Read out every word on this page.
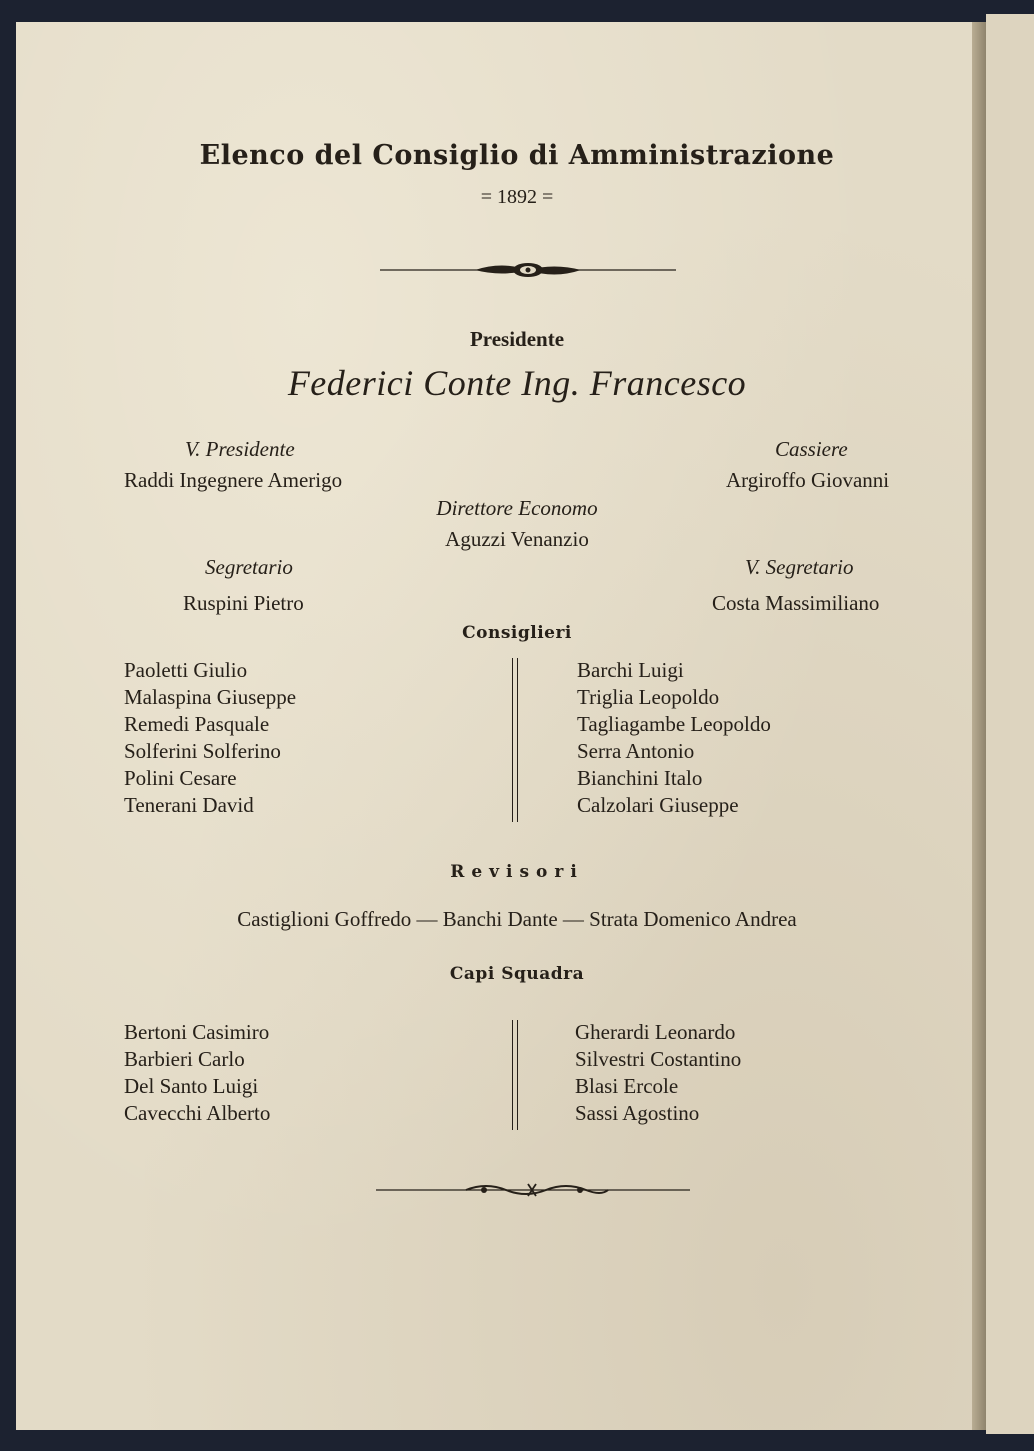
Elenco del Consiglio di Amministrazione
= 1892 =
Presidente
Federici Conte Ing. Francesco
V. Presidente
Raddi Ingegnere Amerigo
Cassiere
Argiroffo Giovanni
Direttore Economo
Aguzzi Venanzio
Segretario
Ruspini Pietro
V. Segretario
Costa Massimiliano
Consiglieri
Paoletti Giulio
Malaspina Giuseppe
Remedi Pasquale
Solferini Solferino
Polini Cesare
Tenerani David
Barchi Luigi
Triglia Leopoldo
Tagliagambe Leopoldo
Serra Antonio
Bianchini Italo
Calzolari Giuseppe
Revisori
Castiglioni Goffredo — Banchi Dante — Strata Domenico Andrea
Capi Squadra
Bertoni Casimiro
Barbieri Carlo
Del Santo Luigi
Cavecchi Alberto
Gherardi Leonardo
Silvestri Costantino
Blasi Ercole
Sassi Agostino
